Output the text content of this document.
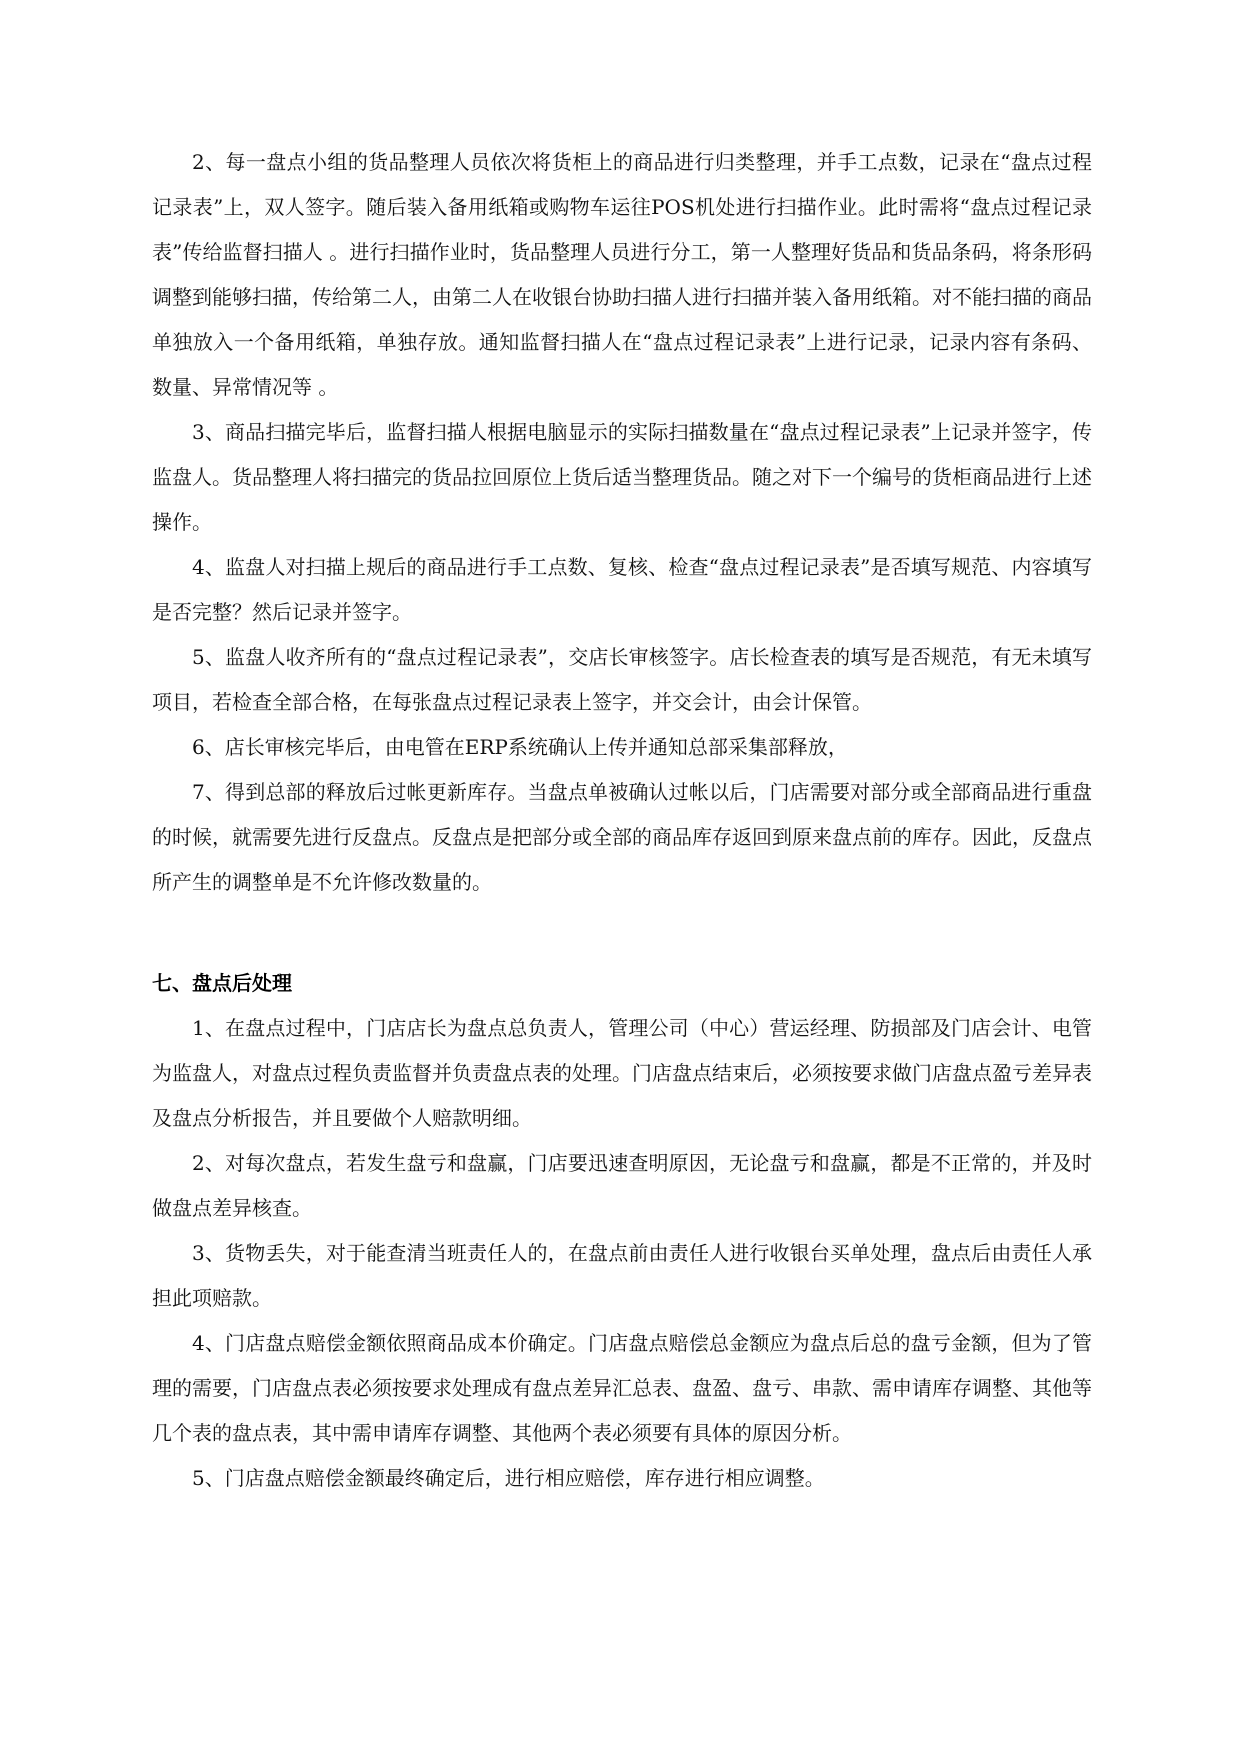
2、每一盘点小组的货品整理人员依次将货柜上的商品进行归类整理，并手工点数，记录在“盘点过程记录表”上，双人签字。随后装入备用纸箱或购物车运往POS机处进行扫描作业。此时需将“盘点过程记录表”传给监督扫描人 。进行扫描作业时，货品整理人员进行分工，第一人整理好货品和货品条码，将条形码调整到能够扫描，传给第二人，由第二人在收银台协助扫描人进行扫描并装入备用纸箱。对不能扫描的商品单独放入一个备用纸箱，单独存放。通知监督扫描人在“盘点过程记录表”上进行记录，记录内容有条码、数量、异常情况等 。

3、商品扫描完毕后，监督扫描人根据电脑显示的实际扫描数量在“盘点过程记录表”上记录并签字，传监盘人。货品整理人将扫描完的货品拉回原位上货后适当整理货品。随之对下一个编号的货柜商品进行上述操作。

4、监盘人对扫描上规后的商品进行手工点数、复核、检查“盘点过程记录表”是否填写规范、内容填写是否完整？然后记录并签字。

5、监盘人收齐所有的“盘点过程记录表”，交店长审核签字。店长检查表的填写是否规范，有无未填写项目，若检查全部合格，在每张盘点过程记录表上签字，并交会计，由会计保管。

6、店长审核完毕后，由电管在ERP系统确认上传并通知总部采集部释放，

7、得到总部的释放后过帐更新库存。当盘点单被确认过帐以后，门店需要对部分或全部商品进行重盘的时候，就需要先进行反盘点。反盘点是把部分或全部的商品库存返回到原来盘点前的库存。因此，反盘点所产生的调整单是不允许修改数量的。

七、盘点后处理

1、在盘点过程中，门店店长为盘点总负责人，管理公司（中心）营运经理、防损部及门店会计、电管为监盘人，对盘点过程负责监督并负责盘点表的处理。门店盘点结束后，必须按要求做门店盘点盈亏差异表及盘点分析报告，并且要做个人赔款明细。

2、对每次盘点，若发生盘亏和盘赢，门店要迅速查明原因，无论盘亏和盘赢，都是不正常的，并及时做盘点差异核查。

3、货物丢失，对于能查清当班责任人的，在盘点前由责任人进行收银台买单处理，盘点后由责任人承担此项赔款。

4、门店盘点赔偿金额依照商品成本价确定。门店盘点赔偿总金额应为盘点后总的盘亏金额，但为了管理的需要，门店盘点表必须按要求处理成有盘点差异汇总表、盘盈、盘亏、串款、需申请库存调整、其他等几个表的盘点表，其中需申请库存调整、其他两个表必须要有具体的原因分析。

5、门店盘点赔偿金额最终确定后，进行相应赔偿，库存进行相应调整。
